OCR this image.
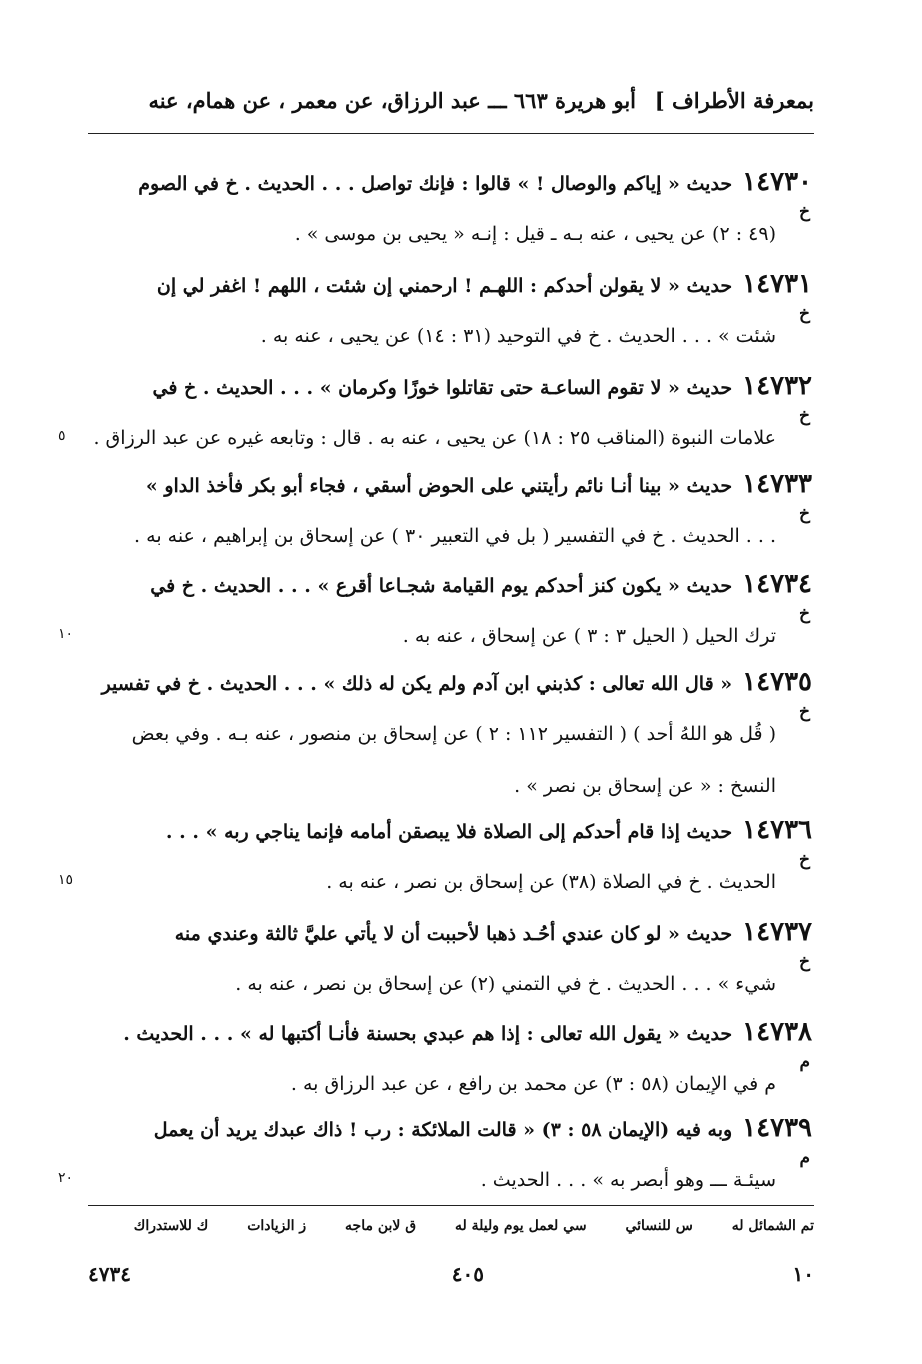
بمعرفة الأطراف ]
أبو هريرة ٦٦٣ ـــ عبد الرزاق، عن معمر ، عن همام، عنه
١٤٧٣٠حديث « إياكم والوصال ! » قالوا : فإنك تواصل . . . الحديث . خ في الصوم
(٤٩ : ٢) عن يحيى ، عنه بـه ـ قيل : إنـه « يحيى بن موسى » .
خ
١٤٧٣١حديث « لا يقولن أحدكم : اللهـم ! ارحمني إن شئت ، اللهم ! اغفر لي إن
شئت » . . . الحديث . خ في التوحيد (٣١ : ١٤) عن يحيى ، عنه به .
خ
١٤٧٣٢حديث « لا تقوم الساعـة حتى تقاتلوا خوزًا وكرمان » . . . الحديث . خ في
علامات النبوة (المناقب ٢٥ : ١٨) عن يحيى ، عنه به . قال : وتابعه غيره عن عبد الرزاق .
خ
١٤٧٣٣حديث « بينا أنـا نائم رأيتني على الحوض أسقي ، فجاء أبو بكر فأخذ الداو »
. . . الحديث . خ في التفسير ( بل في التعبير ٣٠ ) عن إسحاق بن إبراهيم ، عنه به .
خ
١٤٧٣٤حديث « يكون كنز أحدكم يوم القيامة شجـاعا أقرع » . . . الحديث . خ في
ترك الحيل ( الحيل ٣ : ٣ ) عن إسحاق ، عنه به .
خ
١٤٧٣٥« قال الله تعالى : كذبني ابن آدم ولم يكن له ذلك » . . . الحديث . خ في تفسير
( قُل هو اللهُ أحد ) ( التفسير ١١٢ : ٢ ) عن إسحاق بن منصور ، عنه بـه . وفي بعض
النسخ : « عن إسحاق بن نصر » .
خ
١٤٧٣٦حديث إذا قام أحدكم إلى الصلاة فلا يبصقن أمامه فإنما يناجي ربه » . . .
الحديث . خ في الصلاة (٣٨) عن إسحاق بن نصر ، عنه به .
خ
١٤٧٣٧حديث « لو كان عندي أحُـد ذهبا لأحببت أن لا يأتي عليَّ ثالثة وعندي منه
شيء » . . . الحديث . خ في التمني (٢) عن إسحاق بن نصر ، عنه به .
خ
١٤٧٣٨حديث « يقول الله تعالى : إذا هم عبدي بحسنة فأنـا أكتبها له » . . . الحديث .
م في الإيمان (٥٨ : ٣) عن محمد بن رافع ، عن عبد الرزاق به .
م
١٤٧٣٩وبه فيه (الإيمان ٥٨ : ٣) « قالت الملائكة : رب ! ذاك عبدك يريد أن يعمل
سيئـة ـــ وهو أبصر به » . . . الحديث .
م
تم الشمائل له س للنسائي سي لعمل يوم وليلة له ق لابن ماجه ز الزيادات ك للاستدراك
١٠
٤٠٥
٤٧٣٤
٥
١٠
١٥
٢٠
